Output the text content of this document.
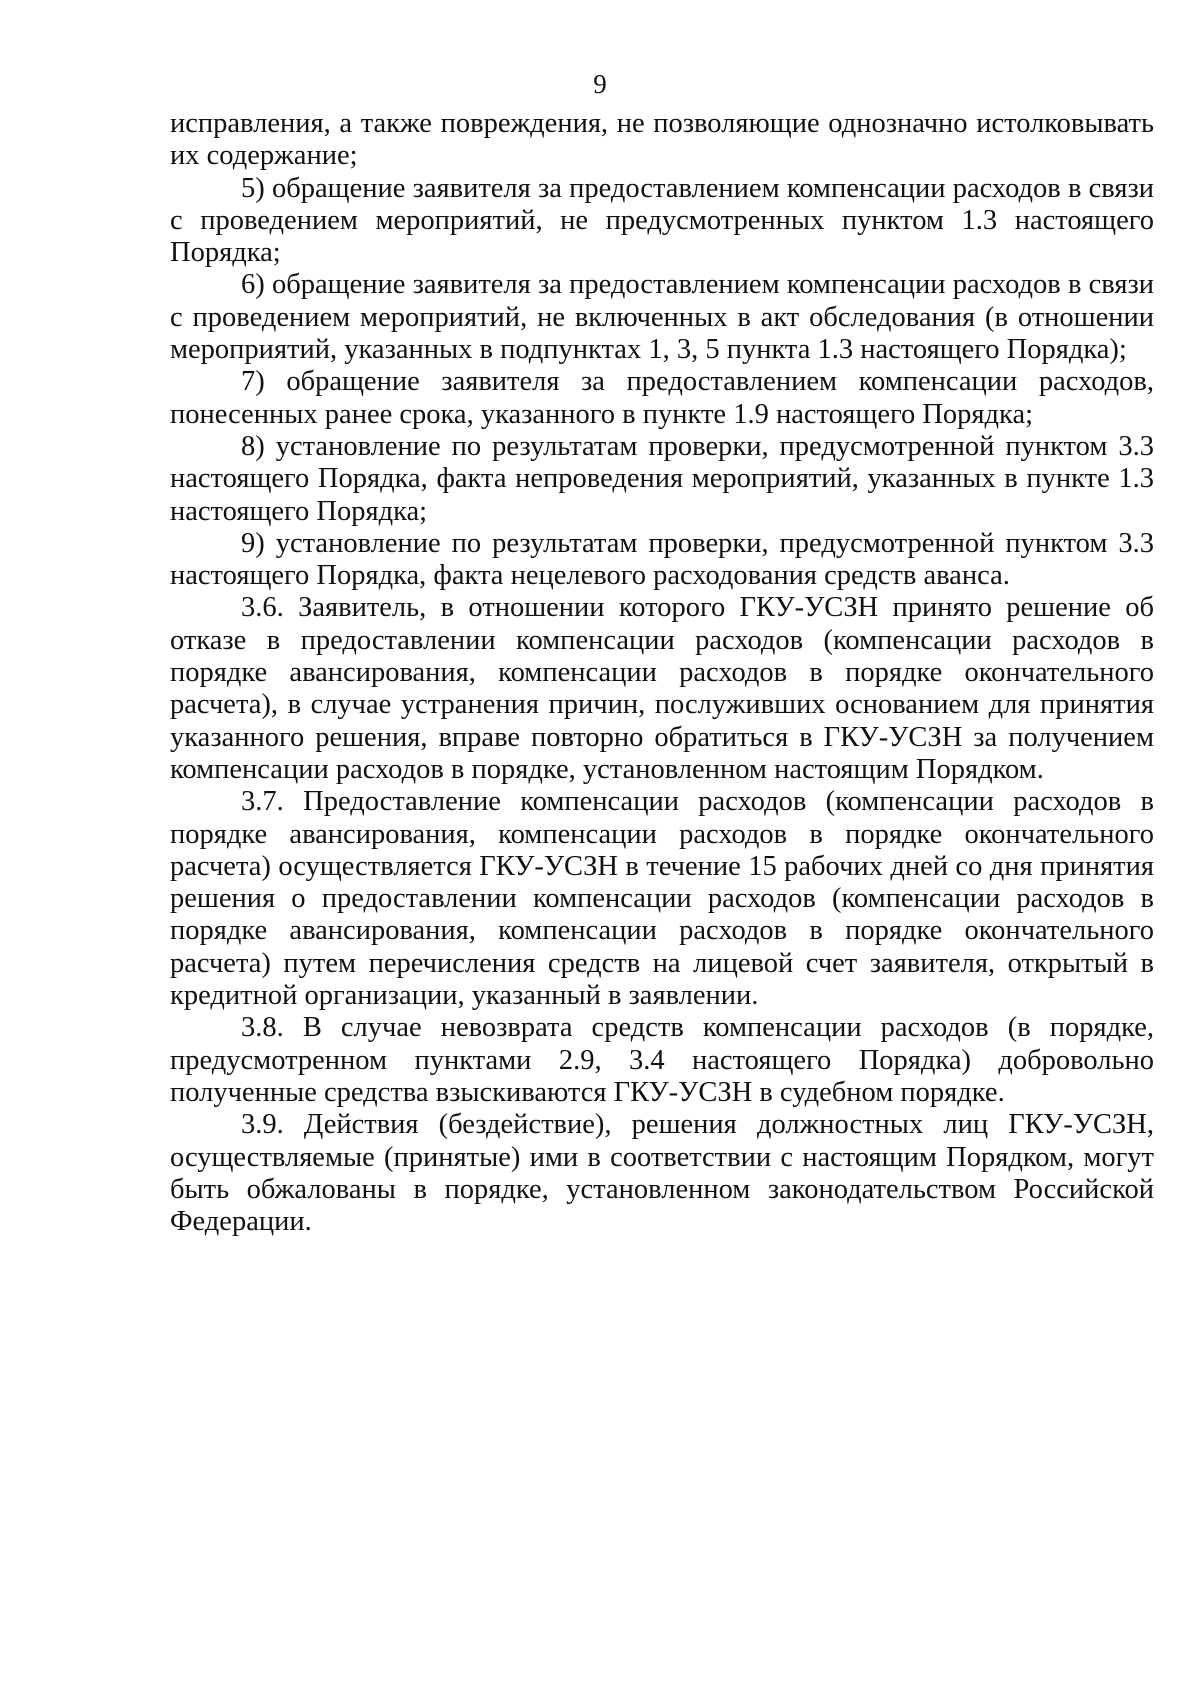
9

исправления, а также повреждения, не позволяющие однозначно истолковывать их содержание;

5) обращение заявителя за предоставлением компенсации расходов в связи с проведением мероприятий, не предусмотренных пунктом 1.3 настоящего Порядка;

6) обращение заявителя за предоставлением компенсации расходов в связи с проведением мероприятий, не включенных в акт обследования (в отношении мероприятий, указанных в подпунктах 1, 3, 5 пункта 1.3 настоящего Порядка);

7) обращение заявителя за предоставлением компенсации расходов, понесенных ранее срока, указанного в пункте 1.9 настоящего Порядка;

8) установление по результатам проверки, предусмотренной пунктом 3.3 настоящего Порядка, факта непроведения мероприятий, указанных в пункте 1.3 настоящего Порядка;

9) установление по результатам проверки, предусмотренной пунктом 3.3 настоящего Порядка, факта нецелевого расходования средств аванса.

3.6. Заявитель, в отношении которого ГКУ-УСЗН принято решение об отказе в предоставлении компенсации расходов (компенсации расходов в порядке авансирования, компенсации расходов в порядке окончательного расчета), в случае устранения причин, послуживших основанием для принятия указанного решения, вправе повторно обратиться в ГКУ-УСЗН за получением компенсации расходов в порядке, установленном настоящим Порядком.

3.7. Предоставление компенсации расходов (компенсации расходов в порядке авансирования, компенсации расходов в порядке окончательного расчета) осуществляется ГКУ-УСЗН в течение 15 рабочих дней со дня принятия решения о предоставлении компенсации расходов (компенсации расходов в порядке авансирования, компенсации расходов в порядке окончательного расчета) путем перечисления средств на лицевой счет заявителя, открытый в кредитной организации, указанный в заявлении.

3.8. В случае невозврата средств компенсации расходов (в порядке, предусмотренном пунктами 2.9, 3.4 настоящего Порядка) добровольно полученные средства взыскиваются ГКУ-УСЗН в судебном порядке.

3.9. Действия (бездействие), решения должностных лиц ГКУ-УСЗН, осуществляемые (принятые) ими в соответствии с настоящим Порядком, могут быть обжалованы в порядке, установленном законодательством Российской Федерации.
